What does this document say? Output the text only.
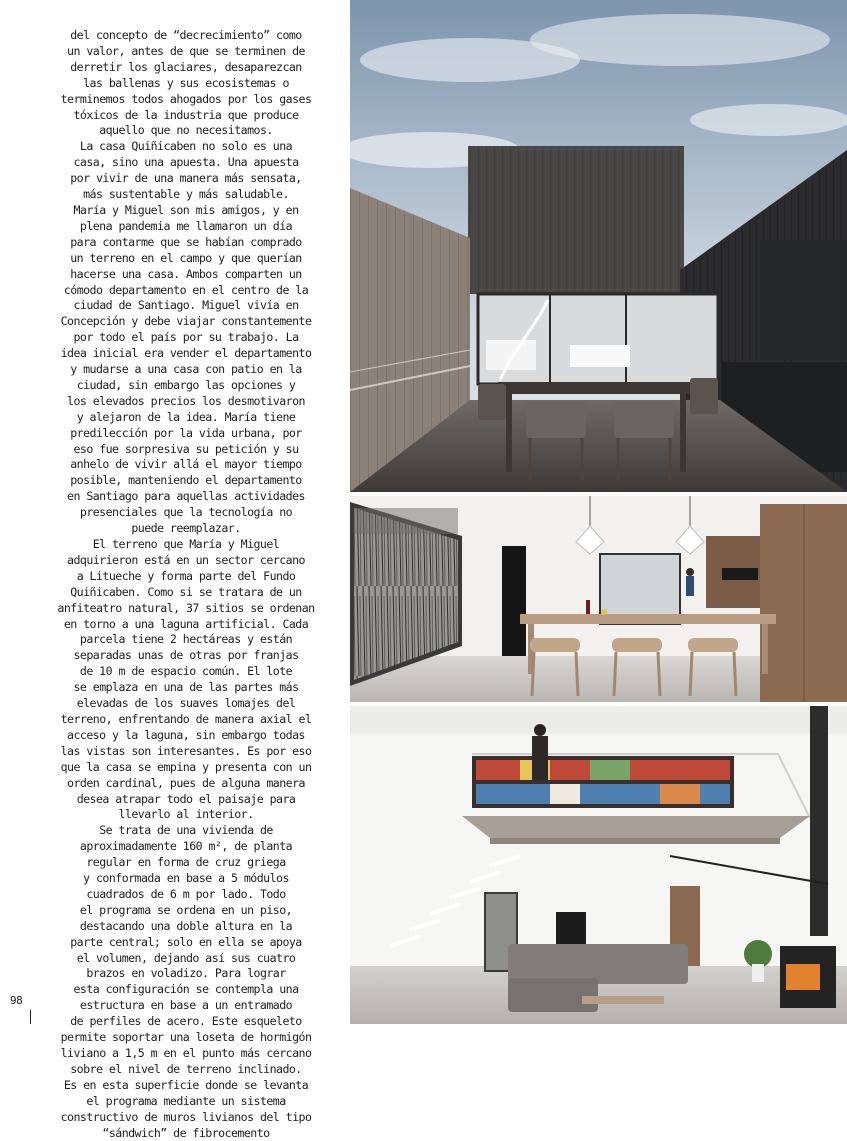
del concepto de “decrecimiento” como
un valor, antes de que se terminen de
derretir los glaciares, desaparezcan
las ballenas y sus ecosistemas o
terminemos todos ahogados por los gases
tóxicos de la industria que produce
aquello que no necesitamos.
La casa Quiñicaben no solo es una
casa, sino una apuesta. Una apuesta
por vivir de una manera más sensata,
más sustentable y más saludable.
María y Miguel son mis amigos, y en
plena pandemia me llamaron un día
para contarme que se habían comprado
un terreno en el campo y que querían
hacerse una casa. Ambos comparten un
cómodo departamento en el centro de la
ciudad de Santiago. Miguel vivía en
Concepción y debe viajar constantemente
por todo el país por su trabajo. La
idea inicial era vender el departamento
y mudarse a una casa con patio en la
ciudad, sin embargo las opciones y
los elevados precios los desmotivaron
y alejaron de la idea. María tiene
predilección por la vida urbana, por
eso fue sorpresiva su petición y su
anhelo de vivir allá el mayor tiempo
posible, manteniendo el departamento
en Santiago para aquellas actividades
presenciales que la tecnología no
puede reemplazar.
El terreno que María y Miguel
adquirieron está en un sector cercano
a Litueche y forma parte del Fundo
Quiñicaben. Como si se tratara de un
anfiteatro natural, 37 sitios se ordenan
en torno a una laguna artificial. Cada
parcela tiene 2 hectáreas y están
separadas unas de otras por franjas
de 10 m de espacio común. El lote
se emplaza en una de las partes más
elevadas de los suaves lomajes del
terreno, enfrentando de manera axial el
acceso y la laguna, sin embargo todas
las vistas son interesantes. Es por eso
que la casa se empina y presenta con un
orden cardinal, pues de alguna manera
desea atrapar todo el paisaje para
llevarlo al interior.
Se trata de una vivienda de
aproximadamente 160 m², de planta
regular en forma de cruz griega
y conformada en base a 5 módulos
cuadrados de 6 m por lado. Todo
el programa se ordena en un piso,
destacando una doble altura en la
parte central; solo en ella se apoya
el volumen, dejando así sus cuatro
brazos en voladizo. Para lograr
esta configuración se contempla una
estructura en base a un entramado
de perfiles de acero. Este esqueleto
permite soportar una loseta de hormigón
liviano a 1,5 m en el punto más cercano
sobre el nivel de terreno inclinado.
Es en esta superficie donde se levanta
el programa mediante un sistema
constructivo de muros livianos del tipo
“sándwich” de fibrocemento
98
